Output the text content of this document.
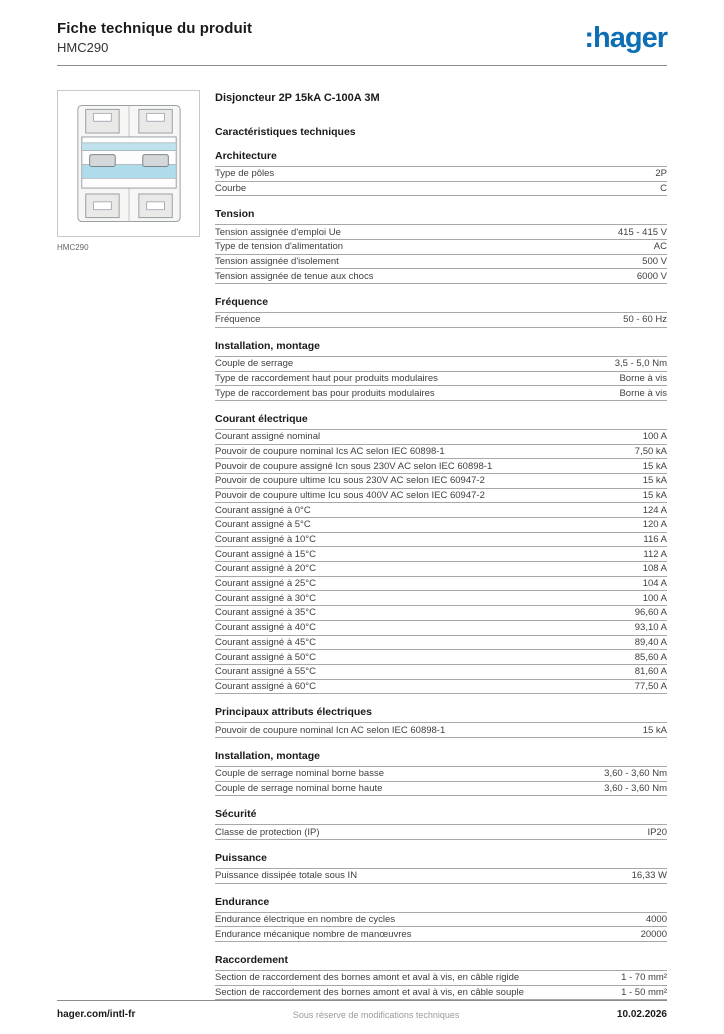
Fiche technique du produit
HMC290	:hager
HMC290
Disjoncteur 2P 15kA C-100A 3M
Caractéristiques techniques
Architecture
Type de pôles	2P
Courbe	C
Tension
Tension assignée d'emploi Ue	415 - 415 V
Type de tension d'alimentation	AC
Tension assignée d'isolement	500 V
Tension assignée de tenue aux chocs	6000 V
Fréquence
Fréquence	50 - 60 Hz
Installation, montage
Couple de serrage	3,5 - 5,0 Nm
Type de raccordement haut pour produits modulaires	Borne à vis
Type de raccordement bas pour produits modulaires	Borne à vis
Courant électrique
Courant assigné nominal	100 A
Pouvoir de coupure nominal Ics AC selon IEC 60898-1	7,50 kA
Pouvoir de coupure assigné Icn sous 230V AC selon IEC 60898-1	15 kA
Pouvoir de coupure ultime Icu sous 230V AC selon IEC 60947-2	15 kA
Pouvoir de coupure ultime Icu sous 400V AC selon IEC 60947-2	15 kA
Courant assigné à 0°C	124 A
Courant assigné à 5°C	120 A
Courant assigné à 10°C	116 A
Courant assigné à 15°C	112 A
Courant assigné à 20°C	108 A
Courant assigné à 25°C	104 A
Courant assigné à 30°C	100 A
Courant assigné à 35°C	96,60 A
Courant assigné à 40°C	93,10 A
Courant assigné à 45°C	89,40 A
Courant assigné à 50°C	85,60 A
Courant assigné à 55°C	81,60 A
Courant assigné à 60°C	77,50 A
Principaux attributs électriques
Pouvoir de coupure nominal Icn AC selon IEC 60898-1	15 kA
Installation, montage
Couple de serrage nominal borne basse	3,60 - 3,60 Nm
Couple de serrage nominal borne haute	3,60 - 3,60 Nm
Sécurité
Classe de protection (IP)	IP20
Puissance
Puissance dissipée totale sous IN	16,33 W
Endurance
Endurance électrique en nombre de cycles	4000
Endurance mécanique nombre de manœuvres	20000
Raccordement
Section de raccordement des bornes amont et aval à vis, en câble rigide	1 - 70 mm²
Section de raccordement des bornes amont et aval à vis, en câble souple	1 - 50 mm²
hager.com/intl-fr	Sous réserve de modifications techniques	10.02.2026
